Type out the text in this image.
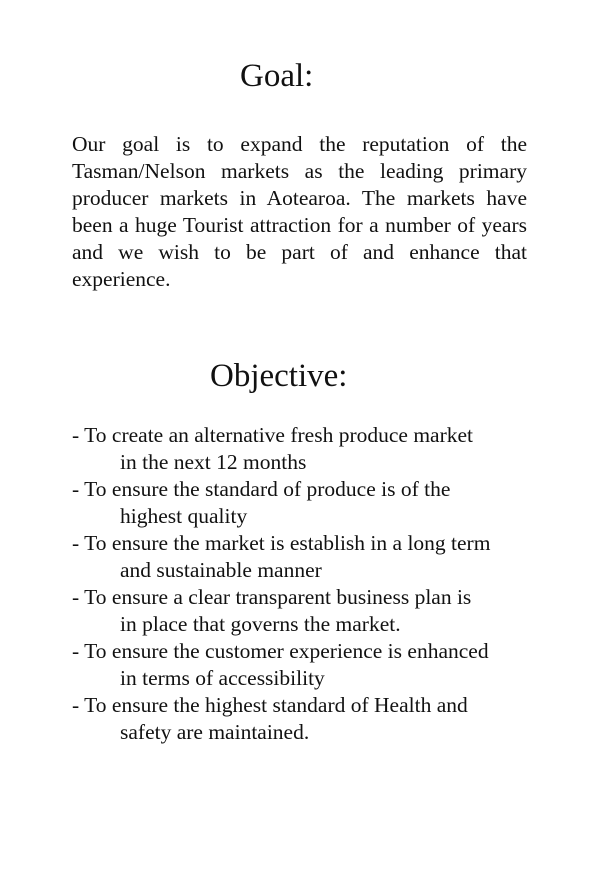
Goal:

Our goal is to expand the reputation of the Tasman/Nelson markets as the leading primary producer markets in Aotearoa. The markets have been a huge Tourist attraction for a number of years and we wish to be part of and enhance that experience.

Objective:
- To create an alternative fresh produce market
in the next 12 months
- To ensure the standard of produce is of the
highest quality
- To ensure the market is establish in a long term
and sustainable manner
- To ensure a clear transparent business plan is
in place that governs the market.
- To ensure the customer experience is enhanced
in terms of accessibility
- To ensure the highest standard of Health and
safety are maintained.
